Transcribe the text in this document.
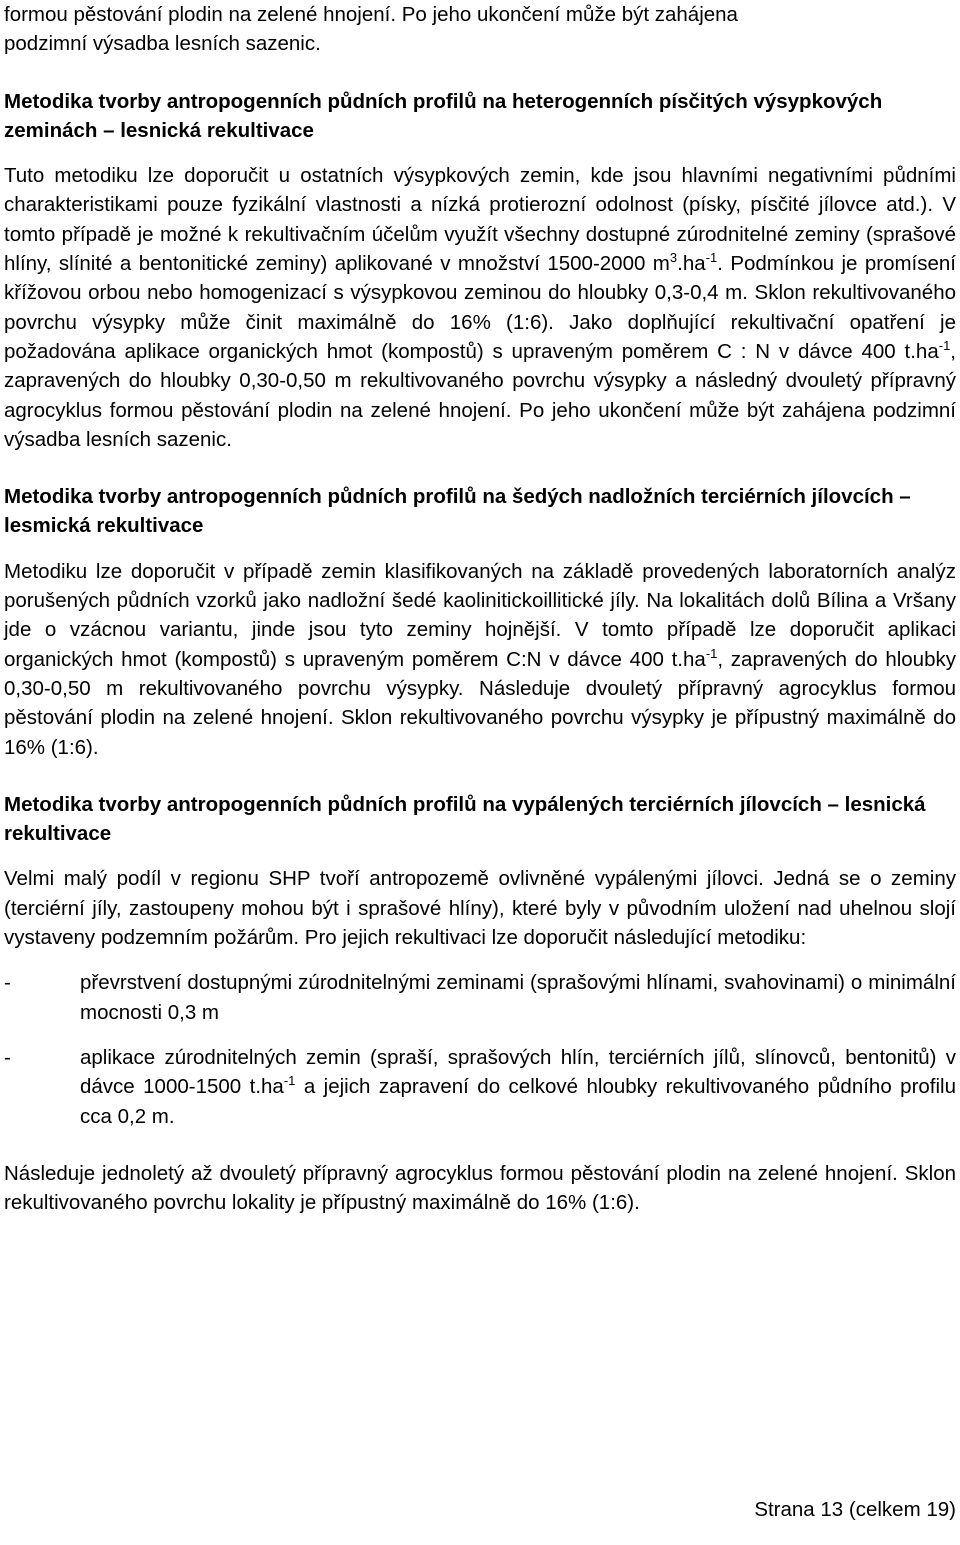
formou pěstování plodin na zelené hnojení. Po jeho ukončení může být zahájena
podzimní výsadba lesních sazenic.

Metodika tvorby antropogenních půdních profilů na heterogenních písčitých výsypkových zeminách – lesnická rekultivace

Tuto metodiku lze doporučit u ostatních výsypkových zemin, kde jsou hlavními negativními půdními charakteristikami pouze fyzikální vlastnosti a nízká protierozní odolnost (písky, písčité jílovce atd.). V tomto případě je možné k rekultivačním účelům využít všechny dostupné zúrodnitelné zeminy (sprašové hlíny, slínité a bentonitické zeminy) aplikované v množství 1500-2000 $m^3.ha^{-1}$. Podmínkou je promísení křížovou orbou nebo homogenizací s výsypkovou zeminou do hloubky 0,3-0,4 m. Sklon rekultivovaného povrchu výsypky může činit maximálně do 16% (1:6). Jako doplňující rekultivační opatření je požadována aplikace organických hmot (kompostů) s upraveným poměrem C : N v dávce 400 $t.ha^{-1}$, zapravených do hloubky 0,30-0,50 m rekultivovaného povrchu výsypky a následný dvouletý přípravný agrocyklus formou pěstování plodin na zelené hnojení. Po jeho ukončení může být zahájena podzimní výsadba lesních sazenic.

Metodika tvorby antropogenních půdních profilů na šedých nadložních terciérních jílovcích – lesmická rekultivace

Metodiku lze doporučit v případě zemin klasifikovaných na základě provedených laboratorních analýz porušených půdních vzorků jako nadložní šedé kaolinitickoillitické jíly. Na lokalitách dolů Bílina a Vršany jde o vzácnou variantu, jinde jsou tyto zeminy hojnější. V tomto případě lze doporučit aplikaci organických hmot (kompostů) s upraveným poměrem C:N v dávce 400 $t.ha^{-1}$, zapravených do hloubky 0,30-0,50 m rekultivovaného povrchu výsypky. Následuje dvouletý přípravný agrocyklus formou pěstování plodin na zelené hnojení. Sklon rekultivovaného povrchu výsypky je přípustný maximálně do 16% (1:6).

Metodika tvorby antropogenních půdních profilů na vypálených terciérních jílovcích – lesnická rekultivace

Velmi malý podíl v regionu SHP tvoří antropozemě ovlivněné vypálenými jílovci. Jedná se o zeminy (terciérní jíly, zastoupeny mohou být i sprašové hlíny), které byly v původním uložení nad uhelnou slojí vystaveny podzemním požárům. Pro jejich rekultivaci lze doporučit následující metodiku:

-	převrstvení dostupnými zúrodnitelnými zeminami (sprašovými hlínami, svahovinami) o minimální mocnosti 0,3 m

-	aplikace zúrodnitelných zemin (spraší, sprašových hlín, terciérních jílů, slínovců, bentonitů) v dávce 1000-1500 $t.ha^{-1}$ a jejich zapravení do celkové hloubky rekultivovaného půdního profilu cca 0,2 m.

Následuje jednoletý až dvouletý přípravný agrocyklus formou pěstování plodin na zelené hnojení. Sklon rekultivovaného povrchu lokality je přípustný maximálně do 16% (1:6).

Strana 13 (celkem 19)
